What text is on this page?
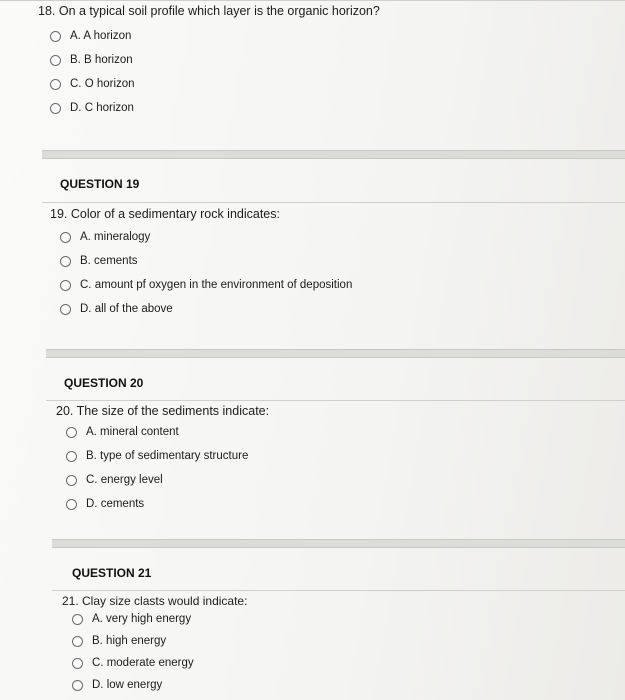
18. On a typical soil profile which layer is the organic horizon?
A. A horizon
B. B horizon
C. O horizon
D. C horizon
QUESTION 19
19. Color of a sedimentary rock indicates:
A. mineralogy
B. cements
C. amount pf oxygen in the environment of deposition
D. all of the above
QUESTION 20
20. The size of the sediments indicate:
A. mineral content
B. type of sedimentary structure
C. energy level
D. cements
QUESTION 21
21. Clay size clasts would indicate:
A. very high energy
B. high energy
C. moderate energy
D. low energy
